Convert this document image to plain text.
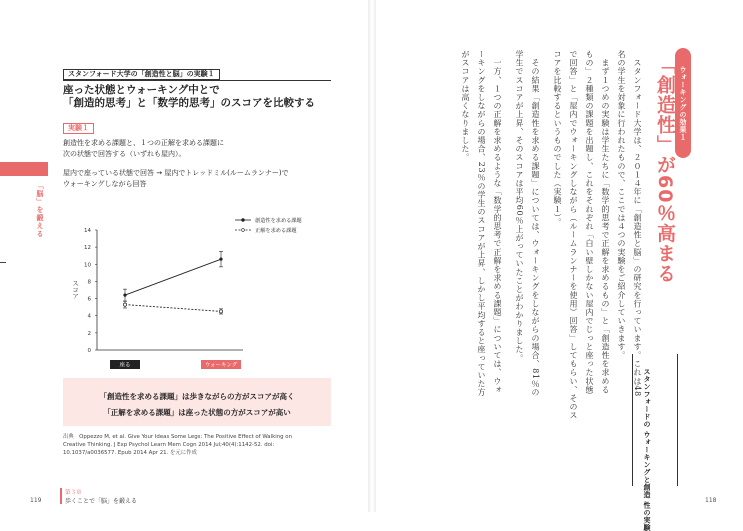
「脳」を鍛える
スタンフォード大学の「創造性と脳」の実験１
座った状態とウォーキング中とで
「創造的思考」と「数学的思考」のスコアを比較する
実験１
創造性を求める課題と、１つの正解を求める課題に
次の状態で回答する（いずれも屋内）。
屋内で座っている状態で回答 → 屋内でトレッドミル(ルームランナー)で
ウォーキングしながら回答
0
2
4
6
8
10
12
14
スコア
座る	ウォーキング
創造性を求める課題
正解を求める課題
「創造性を求める課題」は歩きながらの方がスコアが高く
「正解を求める課題」は座った状態の方がスコアが高い
出典　Oppezzo M, et al. Give Your Ideas Some Legs: The Positive Effect of Walking on
Creative Thinking. J Exp Psychol Learn Mem Cogn 2014 Jul;40(4):1142-52. doi:
10.1037/a0036577. Epub 2014 Apr 21. を元に作成
119
第３章
歩くことで「脳」を鍛える
ウォーキングの効果１
「創造性」が60％高まる
　スタンフォード大学は、２０１４年に「創造性と脳」の研究を行っています。これは48
名の学生を対象に行われたもので、ここでは４つの実験をご紹介していきます。
　まず１つめの実験は学生たちに「数学的思考で正解を求めるもの」と「創造性を求める
もの」２種類の課題を出題し、これをそれぞれ「白い壁しかない屋内でじっと座った状態
で回答」と「屋内でウォーキングしながら（ルームランナーを使用）回答」してもらい、そのス
コアを比較するというものでした（実験１）。
　その結果「創造性を求める課題」については、ウォーキングをしながらの場合、81％の
学生でスコアが上昇、そのスコアは平均60％上がっていたことがわかりました。
　一方、１つの正解を求めるような「数学的思考で正解を求める課題」については、ウォ
ーキングをしながらの場合、23％の学生のスコアが上昇、しかし平均すると座っていた方
がスコアは高くなりました。
スタンフォードの ウォーキングと創造 性の実験
118
